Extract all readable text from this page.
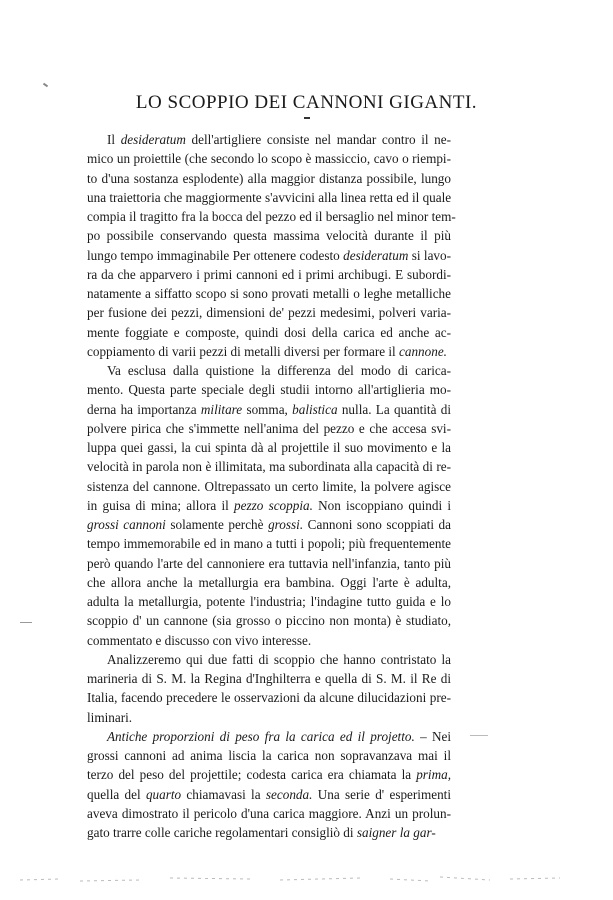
LO SCOPPIO DEI CANNONI GIGANTI.
Il desideratum dell'artigliere consiste nel mandar contro il ne-
mico un proiettile (che secondo lo scopo è massiccio, cavo o riempi-
to d'una sostanza esplodente) alla maggior distanza possibile, lungo
una traiettoria che maggiormente s'avvicini alla linea retta ed il quale
compia il tragitto fra la bocca del pezzo ed il bersaglio nel minor tem-
po possibile conservando questa massima velocità durante il più
lungo tempo immaginabile Per ottenere codesto desideratum si lavo-
ra da che apparvero i primi cannoni ed i primi archibugi. E subordi-
natamente a siffatto scopo si sono provati metalli o leghe metalliche
per fusione dei pezzi, dimensioni de' pezzi medesimi, polveri varia-
mente foggiate e composte, quindi dosi della carica ed anche ac-
coppiamento di varii pezzi di metalli diversi per formare il cannone.
Va esclusa dalla quistione la differenza del modo di carica-
mento. Questa parte speciale degli studii intorno all'artiglieria mo-
derna ha importanza militare somma, balistica nulla. La quantità di
polvere pirica che s'immette nell'anima del pezzo e che accesa svi-
luppa quei gassi, la cui spinta dà al projettile il suo movimento e la
velocità in parola non è illimitata, ma subordinata alla capacità di re-
sistenza del cannone. Oltrepassato un certo limite, la polvere agisce
in guisa di mina; allora il pezzo scoppia. Non iscoppiano quindi i
grossi cannoni solamente perchè grossi. Cannoni sono scoppiati da
tempo immemorabile ed in mano a tutti i popoli; più frequentemente
però quando l'arte del cannoniere era tuttavia nell'infanzia, tanto più
che allora anche la metallurgia era bambina. Oggi l'arte è adulta,
adulta la metallurgia, potente l'industria; l'indagine tutto guida e lo
scoppio d' un cannone (sia grosso o piccino non monta) è studiato,
commentato e discusso con vivo interesse.
Analizzeremo qui due fatti di scoppio che hanno contristato la
marineria di S. M. la Regina d'Inghilterra e quella di S. M. il Re di
Italia, facendo precedere le osservazioni da alcune dilucidazioni pre-
liminari.
Antiche proporzioni di peso fra la carica ed il projetto. – Nei
grossi cannoni ad anima liscia la carica non sopravanzava mai il
terzo del peso del projettile; codesta carica era chiamata la prima,
quella del quarto chiamavasi la seconda. Una serie d' esperimenti
aveva dimostrato il pericolo d'una carica maggiore. Anzi un prolun-
gato trarre colle cariche regolamentari consigliò di saigner la gar-
